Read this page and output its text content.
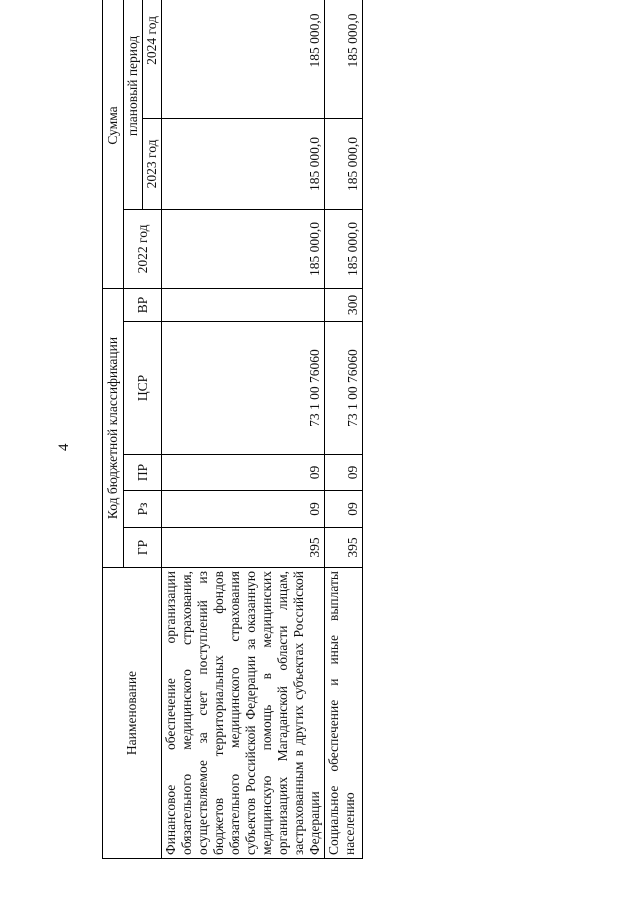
4
Наименование	Код бюджетной классификации					Сумма		
	ГР	Рз	ПР	ЦСР	ВР	2022 год	плановый период	
							2023 год	2024 год
Финансовое обеспечение организации обязательного медицинского страхования, осуществляемое за счет поступлений из бюджетов территориальных фондов обязательного медицинского страхования субъектов Российской Федерации за оказанную медицинскую помощь в медицинских организациях Магаданской области лицам, застрахованным в других субъектах Российской Федерации	395	09	09	73 1 00 76060		185 000,0	185 000,0	185 000,0
Социальное обеспечение и иные выплаты населению	395	09	09	73 1 00 76060	300	185 000,0	185 000,0	185 000,0
